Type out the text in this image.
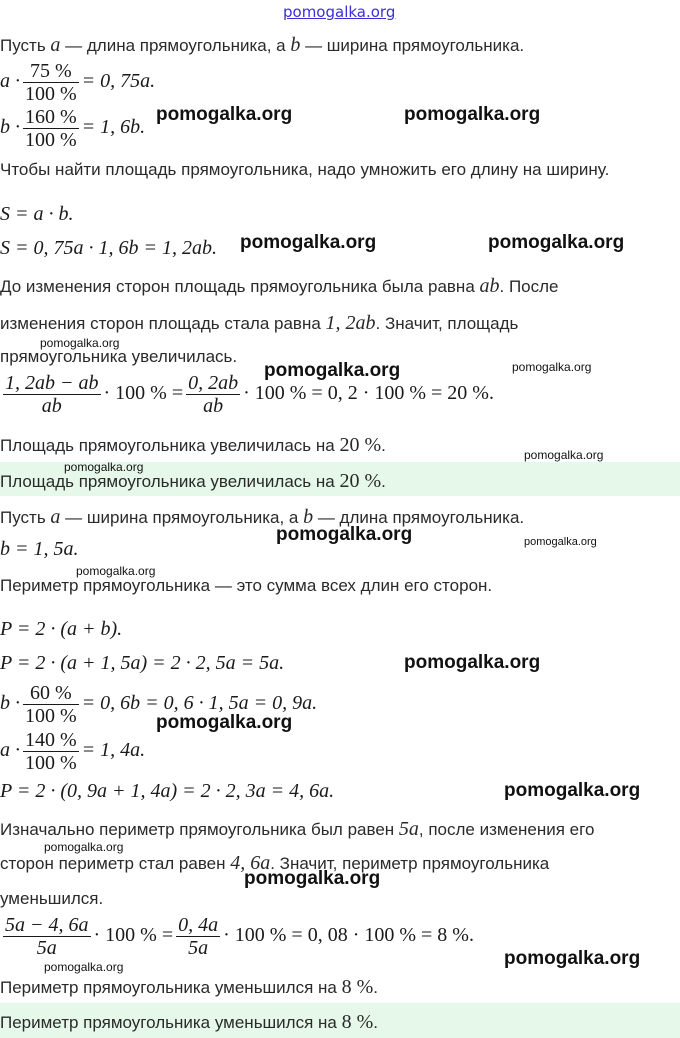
pomogalka.org
Пусть a — длина прямоугольника, а b — ширина прямоугольника.
$a \cdot \frac{75 \%}{100 \%} = 0$, 75a.
$b \cdot \frac{160 \%}{100 \%} = 1$, 6b.
Чтобы найти площадь прямоугольника, надо умножить его длину на ширину.
S = a · b.
S = 0, 75a · 1, 6b = 1, 2ab.
До изменения сторон площадь прямоугольника была равна ab. После
изменения сторон площадь стала равна 1, 2ab. Значит, площадь
прямоугольника увеличилась.
$\frac{1, 2ab - ab}{ab} \cdot 100$ % = $\frac{0, 2ab}{ab} \cdot 100$ % = 0, 2 · 100 % = 20 %.
Площадь прямоугольника увеличилась на 20 %.
Площадь прямоугольника увеличилась на 20 %.
Пусть a — ширина прямоугольника, а b — длина прямоугольника.
b = 1, 5a.
Периметр прямоугольника — это сумма всех длин его сторон.
P = 2 · (a + b).
P = 2 · (a + 1, 5a) = 2 · 2, 5a = 5a.
$b \cdot \frac{60 \%}{100 \%} = 0$, 6b = 0, 6 · 1, 5a = 0, 9a.
$a \cdot \frac{140 \%}{100 \%} = 1$, 4a.
P = 2 · (0, 9a + 1, 4a) = 2 · 2, 3a = 4, 6a.
Изначально периметр прямоугольника был равен 5a, после изменения его
сторон периметр стал равен 4, 6a. Значит, периметр прямоугольника
уменьшился.
$\frac{5a - 4, 6a}{5a} \cdot 100$ % = $\frac{0, 4a}{5a} \cdot 100$ % = 0, 08 · 100 % = 8 %.
Периметр прямоугольника уменьшился на 8 %.
Периметр прямоугольника уменьшился на 8 %.
pomogalka.org	pomogalka.org
pomogalka.org	pomogalka.org
pomogalka.org
pomogalka.org	pomogalka.org
pomogalka.org
pomogalka.org
pomogalka.org	pomogalka.org
pomogalka.org
pomogalka.org
pomogalka.org
pomogalka.org
pomogalka.org
pomogalka.org
pomogalka.org	pomogalka.org
